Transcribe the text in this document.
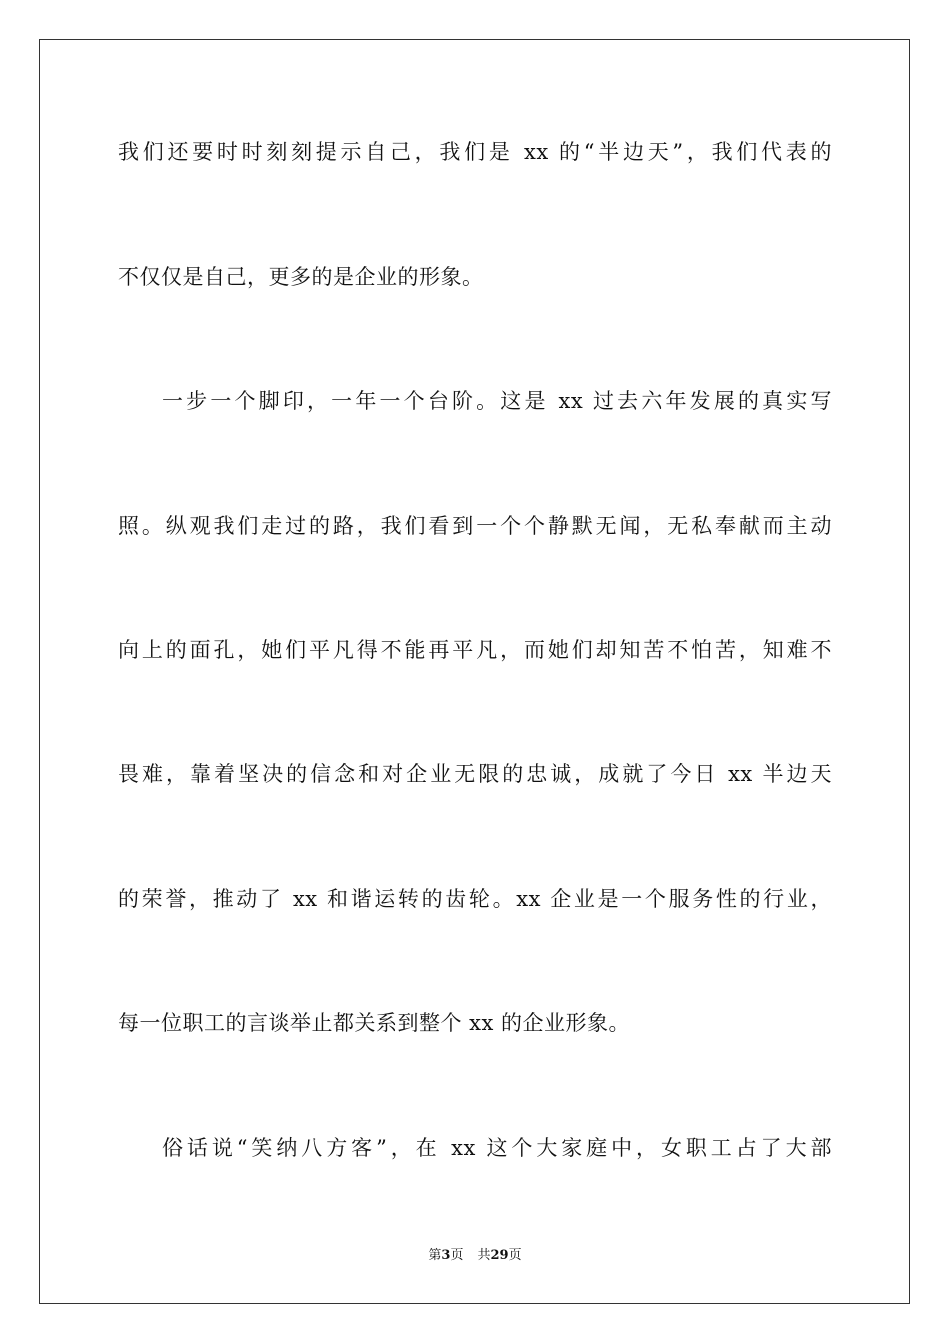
我们还要时时刻刻提示自己，我们是 xx 的“半边天”，我们代表的
不仅仅是自己，更多的是企业的形象。
一步一个脚印，一年一个台阶。这是 xx 过去六年发展的真实写
照。纵观我们走过的路，我们看到一个个静默无闻，无私奉献而主动
向上的面孔，她们平凡得不能再平凡，而她们却知苦不怕苦，知难不
畏难，靠着坚决的信念和对企业无限的忠诚，成就了今日 xx 半边天
的荣誉，推动了 xx 和谐运转的齿轮。xx 企业是一个服务性的行业，
每一位职工的言谈举止都关系到整个 xx 的企业形象。
俗话说“笑纳八方客”，在 xx 这个大家庭中，女职工占了大部
第3页 共29页
